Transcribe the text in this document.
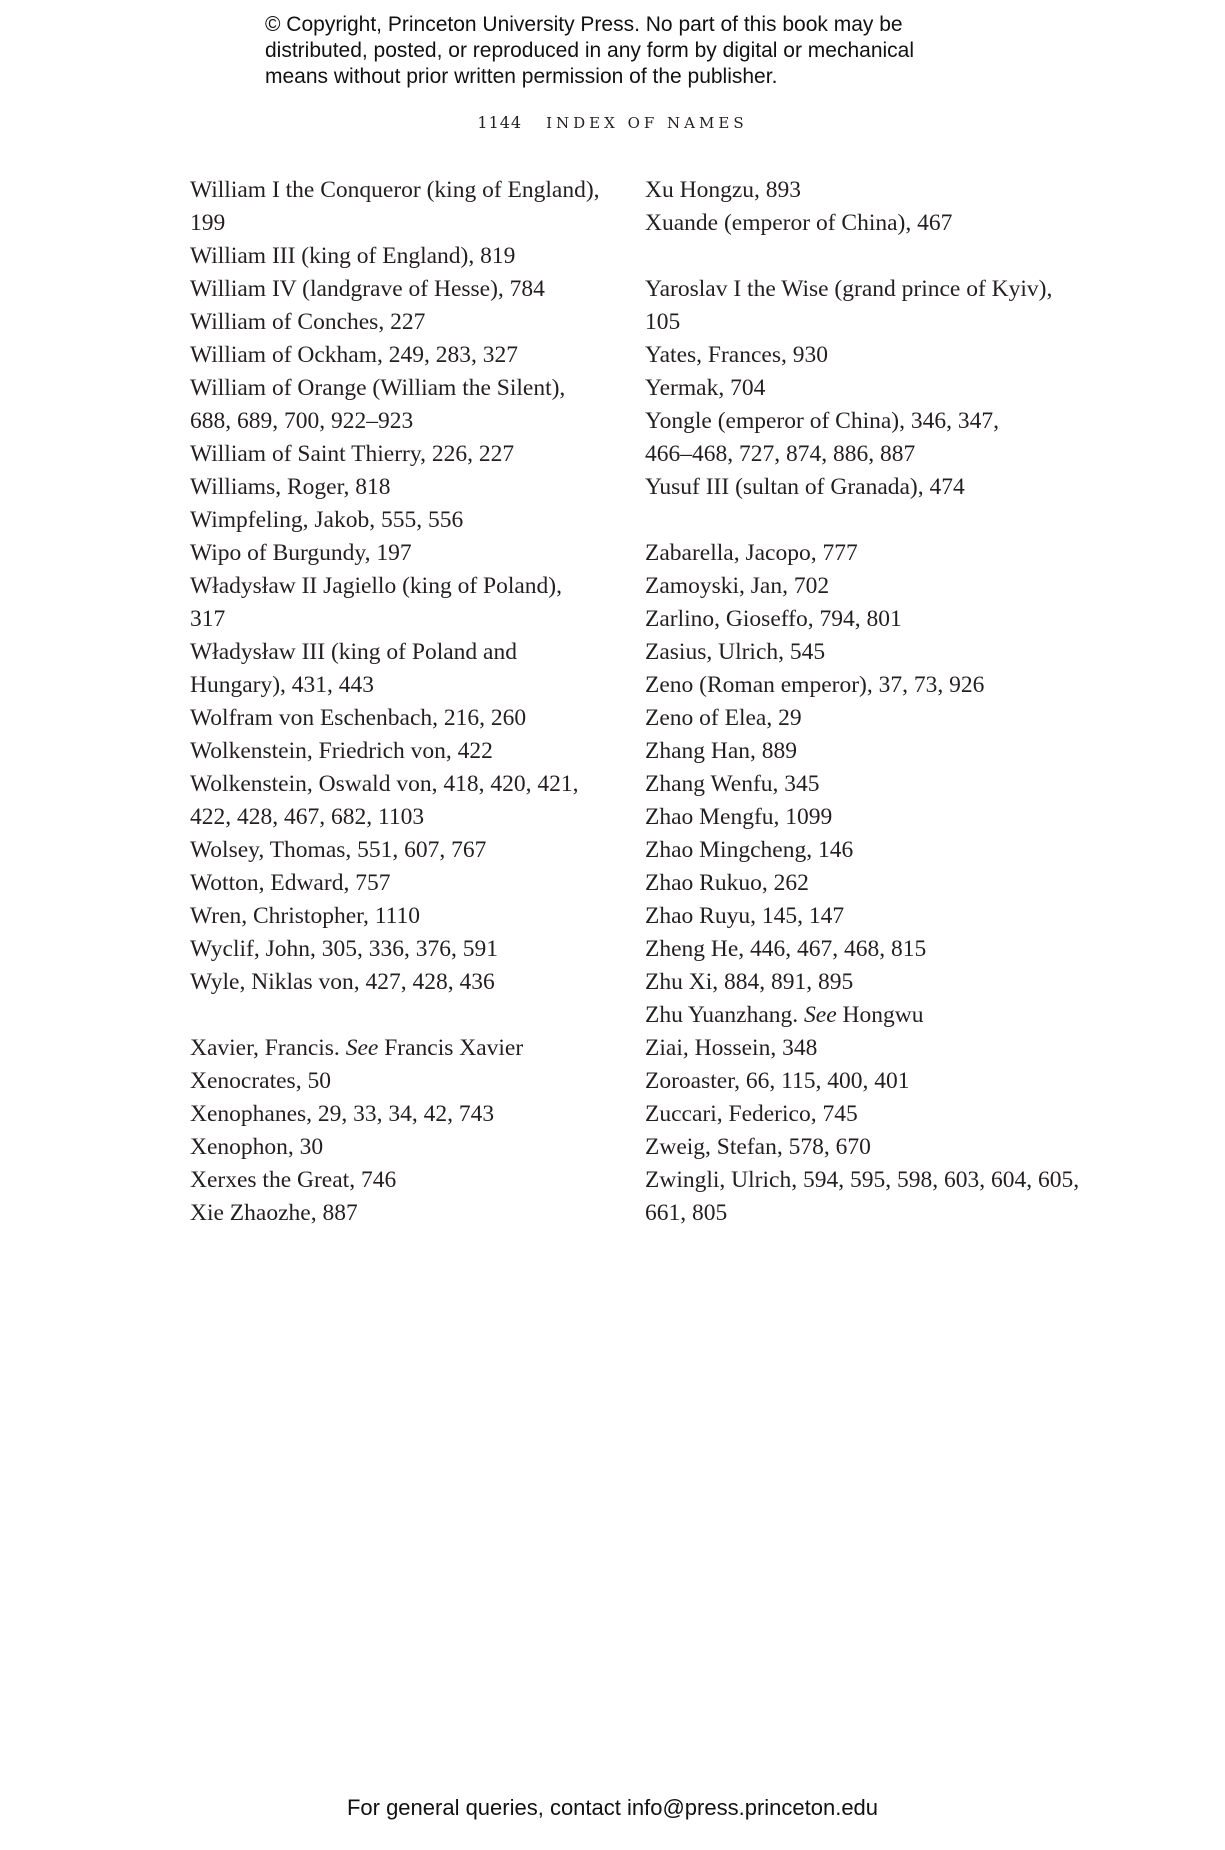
© Copyright, Princeton University Press. No part of this book may be
distributed, posted, or reproduced in any form by digital or mechanical
means without prior written permission of the publisher.
1144 INDEX OF NAMES
William I the Conqueror (king of England),
199
William III (king of England), 819
William IV (landgrave of Hesse), 784
William of Conches, 227
William of Ockham, 249, 283, 327
William of Orange (William the Silent),
688, 689, 700, 922–923
William of Saint Thierry, 226, 227
Williams, Roger, 818
Wimpfeling, Jakob, 555, 556
Wipo of Burgundy, 197
Władysław II Jagiello (king of Poland),
317
Władysław III (king of Poland and
Hungary), 431, 443
Wolfram von Eschenbach, 216, 260
Wolkenstein, Friedrich von, 422
Wolkenstein, Oswald von, 418, 420, 421,
422, 428, 467, 682, 1103
Wolsey, Thomas, 551, 607, 767
Wotton, Edward, 757
Wren, Christopher, 1110
Wyclif, John, 305, 336, 376, 591
Wyle, Niklas von, 427, 428, 436
Xavier, Francis. See Francis Xavier
Xenocrates, 50
Xenophanes, 29, 33, 34, 42, 743
Xenophon, 30
Xerxes the Great, 746
Xie Zhaozhe, 887
Xu Hongzu, 893
Xuande (emperor of China), 467
Yaroslav I the Wise (grand prince of Kyiv),
105
Yates, Frances, 930
Yermak, 704
Yongle (emperor of China), 346, 347,
466–468, 727, 874, 886, 887
Yusuf III (sultan of Granada), 474
Zabarella, Jacopo, 777
Zamoyski, Jan, 702
Zarlino, Gioseffo, 794, 801
Zasius, Ulrich, 545
Zeno (Roman emperor), 37, 73, 926
Zeno of Elea, 29
Zhang Han, 889
Zhang Wenfu, 345
Zhao Mengfu, 1099
Zhao Mingcheng, 146
Zhao Rukuo, 262
Zhao Ruyu, 145, 147
Zheng He, 446, 467, 468, 815
Zhu Xi, 884, 891, 895
Zhu Yuanzhang. See Hongwu
Ziai, Hossein, 348
Zoroaster, 66, 115, 400, 401
Zuccari, Federico, 745
Zweig, Stefan, 578, 670
Zwingli, Ulrich, 594, 595, 598, 603, 604, 605,
661, 805
For general queries, contact info@press.princeton.edu
